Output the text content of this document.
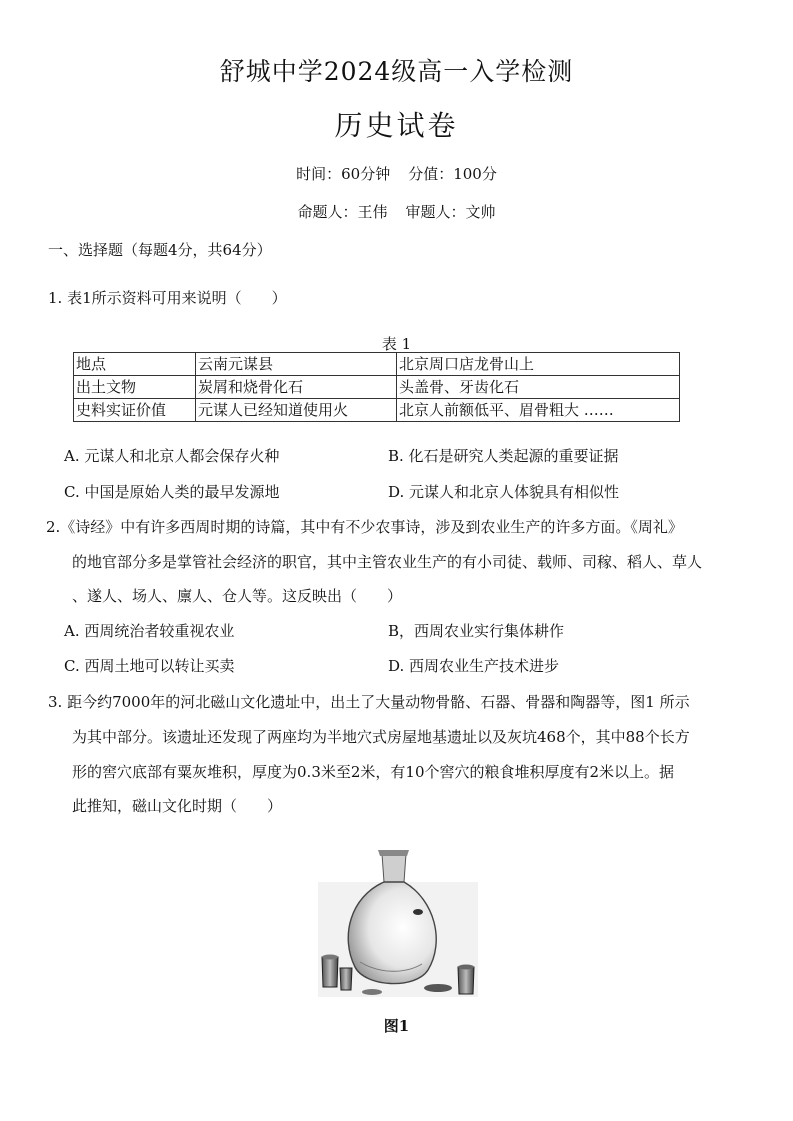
舒城中学2024级高一入学检测
历史试卷
时间：60分钟 分值：100分
命题人：王伟 审题人：文帅
一、选择题（每题4分，共64分）
1. 表1所示资料可用来说明（　　）
表 1
地点	云南元谋县	北京周口店龙骨山上
出土文物	炭屑和烧骨化石	头盖骨、牙齿化石
史料实证价值	元谋人已经知道使用火	北京人前额低平、眉骨粗大 ……
A. 元谋人和北京人都会保存火种	B. 化石是研究人类起源的重要证据
C. 中国是原始人类的最早发源地	D. 元谋人和北京人体貌具有相似性
2.《诗经》中有许多西周时期的诗篇，其中有不少农事诗，涉及到农业生产的许多方面。《周礼》
的地官部分多是掌管社会经济的职官，其中主管农业生产的有小司徒、载师、司稼、稻人、草人
、遂人、场人、廪人、仓人等。这反映出（　　）
A. 西周统治者较重视农业	B，西周农业实行集体耕作
C. 西周土地可以转让买卖	D. 西周农业生产技术进步
3. 距今约7000年的河北磁山文化遗址中，出土了大量动物骨骼、石器、骨器和陶器等，图1 所示
为其中部分。该遗址还发现了两座均为半地穴式房屋地基遗址以及灰坑468个，其中88个长方
形的窖穴底部有粟灰堆积，厚度为0.3米至2米，有10个窖穴的粮食堆积厚度有2米以上。据
此推知，磁山文化时期（　　）
图1
